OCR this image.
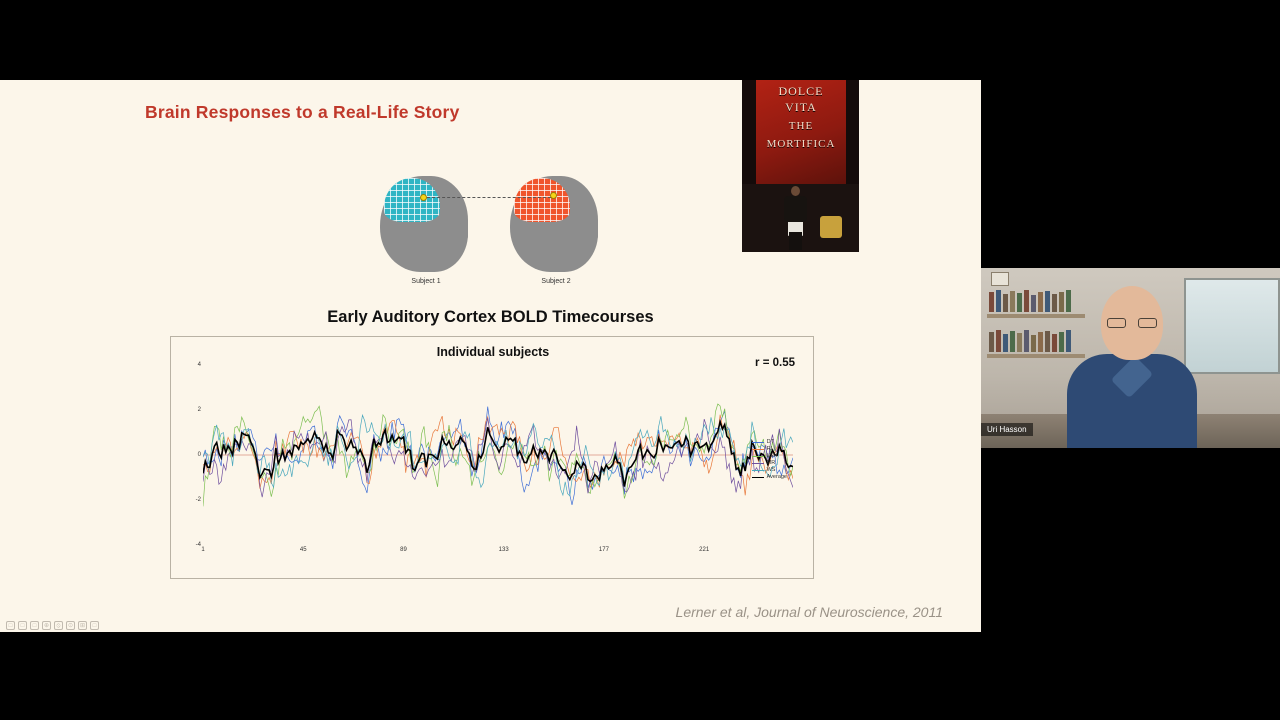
Brain Responses to a Real-Life Story
DOLCE
VITA
THE
MORTIFICA
Subject 1	Subject 2
Early Auditory Cortex BOLD Timecourses
Individual subjects
r = 0.55
4
2
0
-2
-4
1	45	89	133	177	221
DT
RL
LSH
MR
WS
Average
Lerner et al, Journal of Neuroscience, 2011
□	□	□	⊕	⦸	⊙	⊞	□
Uri Hasson
